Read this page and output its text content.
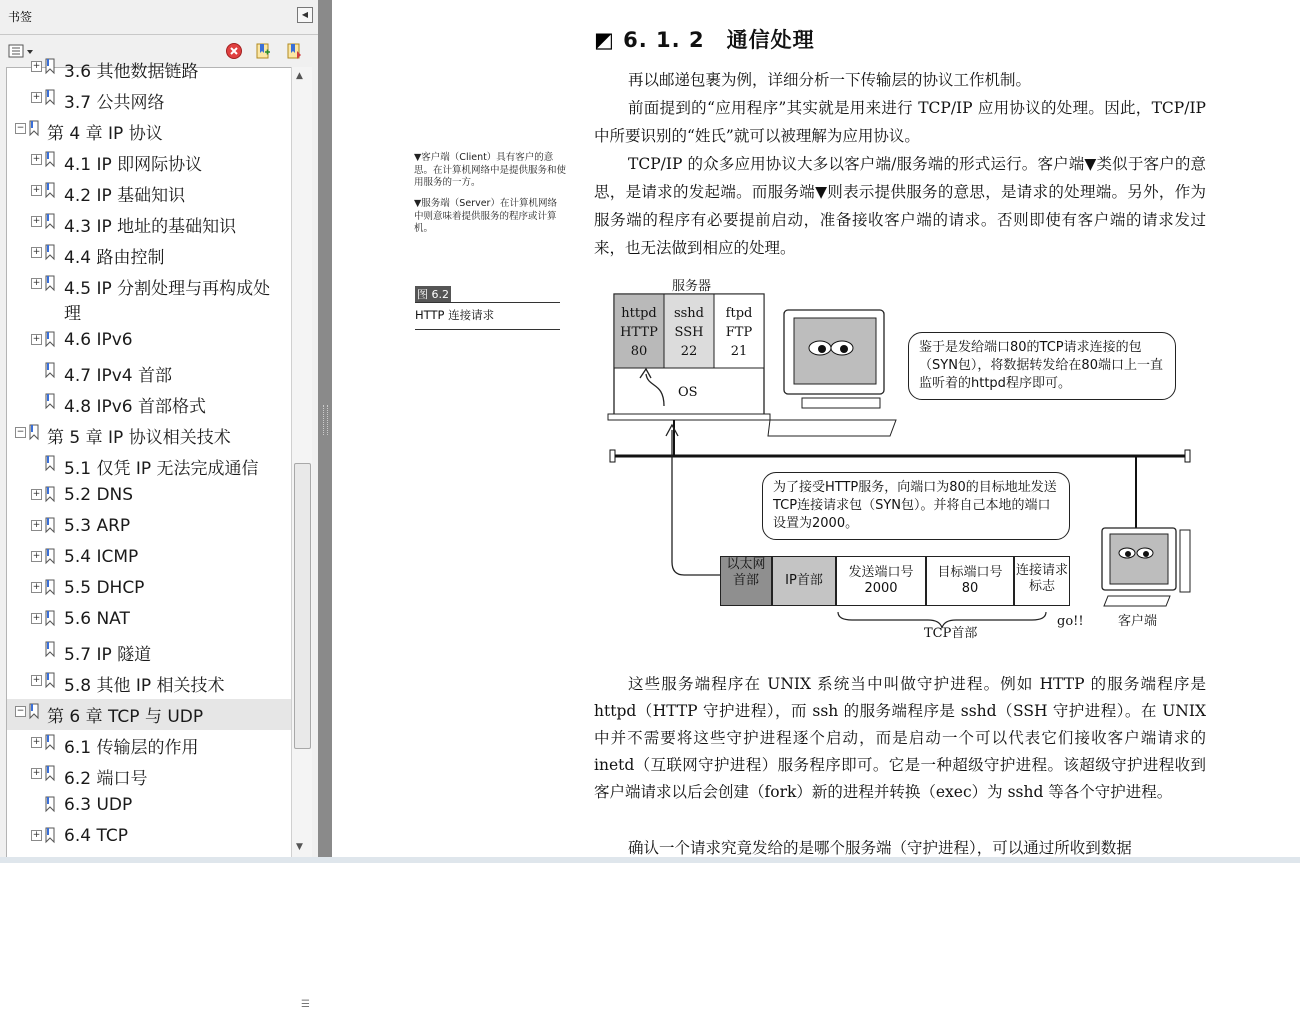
书签	◀
+ 3.6 其他数据链路
+ 3.7 公共网络
− 第 4 章 IP 协议
+ 4.1 IP 即网际协议
+ 4.2 IP 基础知识
+ 4.3 IP 地址的基础知识
+ 4.4 路由控制
+ 4.5 IP 分割处理与再构成处
理
+ 4.6 IPv6
4.7 IPv4 首部
4.8 IPv6 首部格式
− 第 5 章 IP 协议相关技术
5.1 仅凭 IP 无法完成通信
+ 5.2 DNS
+ 5.3 ARP
+ 5.4 ICMP
+ 5.5 DHCP
+ 5.6 NAT
5.7 IP 隧道
+ 5.8 其他 IP 相关技术
− 第 6 章 TCP 与 UDP
+ 6.1 传输层的作用
+ 6.2 端口号
6.3 UDP
+ 6.4 TCP
▲
☰
▼
◩ 6. 1. 2　通信处理
再以邮递包裹为例，详细分析一下传输层的协议工作机制。
前面提到的“应用程序”其实就是用来进行 TCP/IP 应用协议的处理。因此，TCP/IP 中所要识别的“姓氏”就可以被理解为应用协议。
TCP/IP 的众多应用协议大多以客户端/服务端的形式运行。客户端▼类似于客户的意思，是请求的发起端。而服务端▼则表示提供服务的意思，是请求的处理端。另外，作为服务端的程序有必要提前启动，准备接收客户端的请求。否则即使有客户端的请求发过来，也无法做到相应的处理。
▼客户端（Client）具有客户的意思。在计算机网络中是提供服务和使用服务的一方。
▼服务端（Server）在计算机网络中则意味着提供服务的程序或计算机。
图 6.2
HTTP 连接请求
服务器
httpd
HTTP
80
sshd
SSH
22
ftpd
FTP
21
OS
鉴于是发给端口80的TCP请求连接的包（SYN包），将数据转发给在80端口上一直监听着的httpd程序即可。
为了接受HTTP服务，向端口为80的目标地址发送TCP连接请求包（SYN包）。并将自己本地的端口设置为2000。
以太网首部	IP首部
发送端口号
2000
目标端口号
80
连接请求标志
TCP首部
go!!	客户端
这些服务端程序在 UNIX 系统当中叫做守护进程。例如 HTTP 的服务端程序是 httpd（HTTP 守护进程），而 ssh 的服务端程序是 sshd（SSH 守护进程）。在 UNIX 中并不需要将这些守护进程逐个启动，而是启动一个可以代表它们接收客户端请求的 inetd（互联网守护进程）服务程序即可。它是一种超级守护进程。该超级守护进程收到客户端请求以后会创建（fork）新的进程并转换（exec）为 sshd 等各个守护进程。
确认一个请求究竟发给的是哪个服务端（守护进程），可以通过所收到数据
